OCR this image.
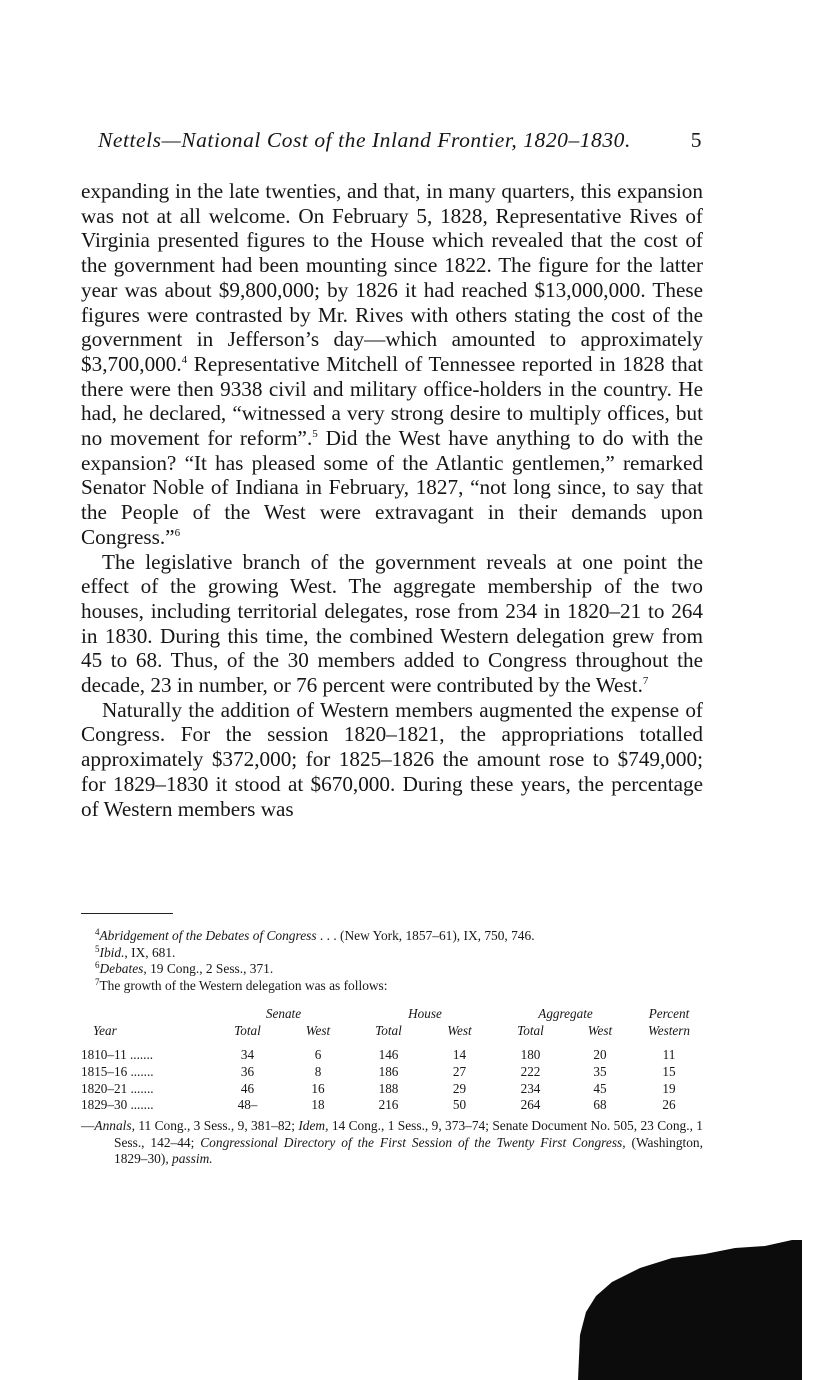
Nettels—National Cost of the Inland Frontier, 1820–1830.	5

expanding in the late twenties, and that, in many quarters, this expansion was not at all welcome. On February 5, 1828, Representative Rives of Virginia presented figures to the House which revealed that the cost of the government had been mounting since 1822. The figure for the latter year was about $9,800,000; by 1826 it had reached $13,000,000. These figures were contrasted by Mr. Rives with others stating the cost of the government in Jefferson’s day—which amounted to approximately $3,700,000.$^4$ Representative Mitchell of Tennessee reported in 1828 that there were then 9338 civil and military office-holders in the country. He had, he declared, “witnessed a very strong desire to multiply offices, but no movement for reform”.$^5$ Did the West have anything to do with the expansion? “It has pleased some of the Atlantic gentlemen,” remarked Senator Noble of Indiana in February, 1827, “not long since, to say that the People of the West were extravagant in their demands upon Congress.”$^6$

The legislative branch of the government reveals at one point the effect of the growing West. The aggregate membership of the two houses, including territorial delegates, rose from 234 in 1820–21 to 264 in 1830. During this time, the combined Western delegation grew from 45 to 68. Thus, of the 30 members added to Congress throughout the decade, 23 in number, or 76 percent were contributed by the West.$^7$

Naturally the addition of Western members augmented the expense of Congress. For the session 1820–1821, the appropriations totalled approximately $372,000; for 1825–1826 the amount rose to $749,000; for 1829–1830 it stood at $670,000. During these years, the percentage of Western members was

$^4$Abridgement of the Debates of Congress . . . (New York, 1857–61), IX, 750, 746.

$^5$Ibid., IX, 681.

$^6$Debates, 19 Cong., 2 Sess., 371.

$^7$The growth of the Western delegation was as follows:

	Senate		House		Aggregate		Percent
Year	Total	West	Total	West	Total	West	Western
1810–11 .......	34	6	146	14	180	20	11
1815–16 .......	36	8	186	27	222	35	15
1820–21 .......	46	16	188	29	234	45	19
1829–30 .......	48–	18	216	50	264	68	26

—Annals, 11 Cong., 3 Sess., 9, 381–82; Idem, 14 Cong., 1 Sess., 9, 373–74; Senate Document No. 505, 23 Cong., 1 Sess., 142–44; Congressional Directory of the First Session of the Twenty First Congress, (Washington, 1829–30), passim.
